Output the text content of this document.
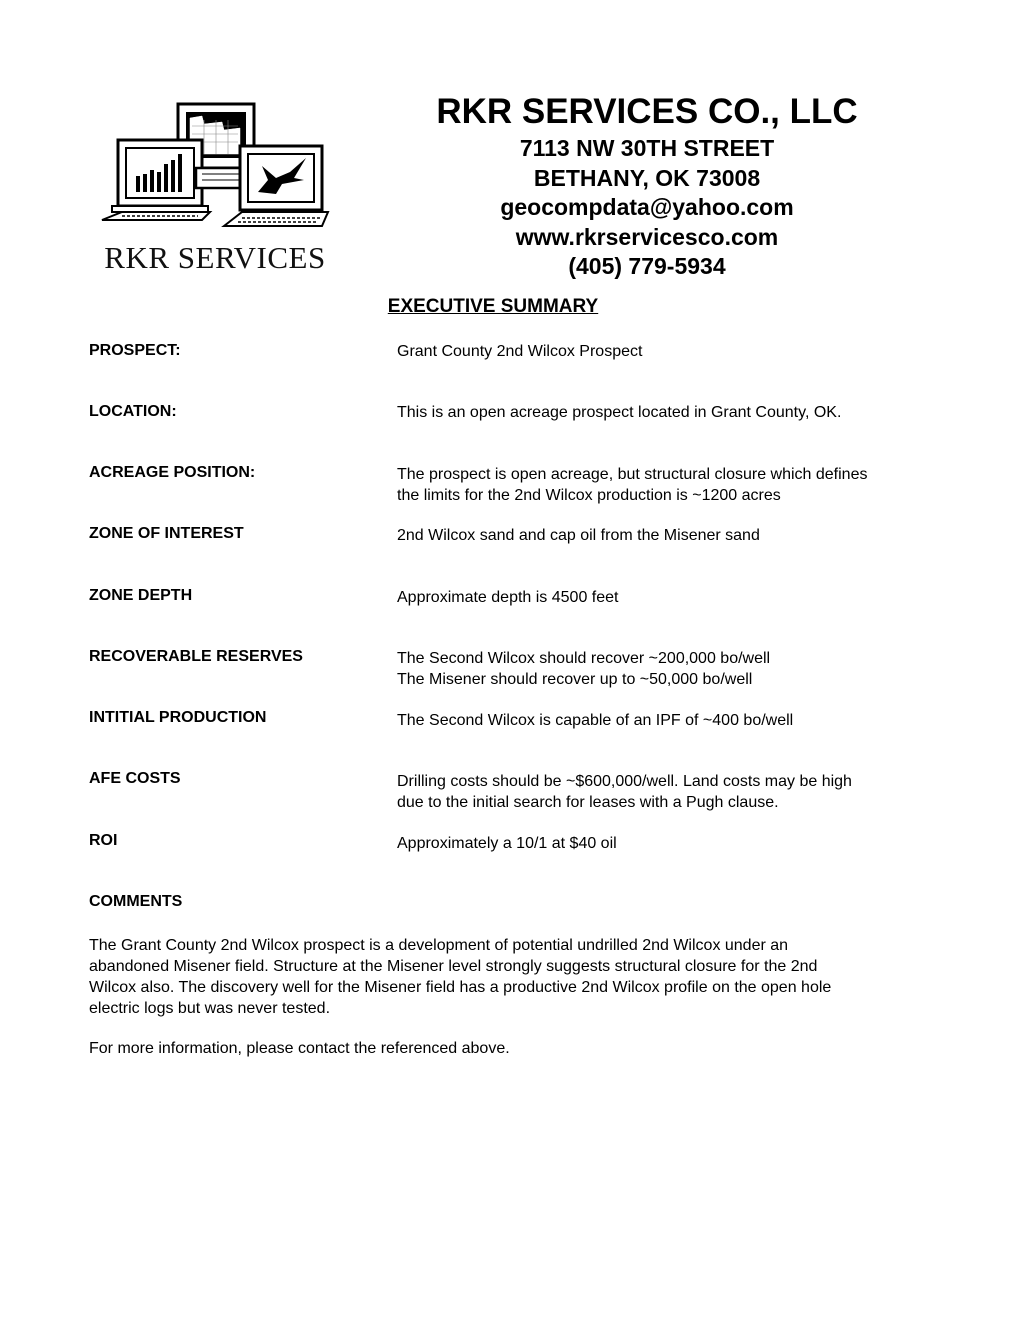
RKR SERVICES
RKR SERVICES CO., LLC
7113 NW 30TH STREET
BETHANY, OK 73008
geocompdata@yahoo.com
www.rkrservicesco.com
(405) 779-5934
EXECUTIVE SUMMARY
PROSPECT:	Grant County 2nd Wilcox Prospect
LOCATION:	This is an open acreage prospect located in Grant County, OK.
ACREAGE POSITION:	The prospect is open acreage, but structural closure which defines
the limits for the 2nd Wilcox production is ~1200 acres
ZONE OF INTEREST	2nd Wilcox sand and cap oil from the Misener sand
ZONE DEPTH	Approximate depth is 4500 feet
RECOVERABLE RESERVES	The Second Wilcox should recover ~200,000 bo/well
The Misener should recover up to ~50,000 bo/well
INTITIAL PRODUCTION	The Second Wilcox is capable of an IPF of ~400 bo/well
AFE COSTS	Drilling costs should be ~$600,000/well. Land costs may be high
due to the initial search for leases with a Pugh clause.
ROI	Approximately a 10/1 at $40 oil
COMMENTS
The Grant County 2nd Wilcox prospect is a development of potential undrilled 2nd Wilcox under an
abandoned Misener field. Structure at the Misener level strongly suggests structural closure for the 2nd
Wilcox also. The discovery well for the Misener field has a productive 2nd Wilcox profile on the open hole
electric logs but was never tested.
For more information, please contact the referenced above.
